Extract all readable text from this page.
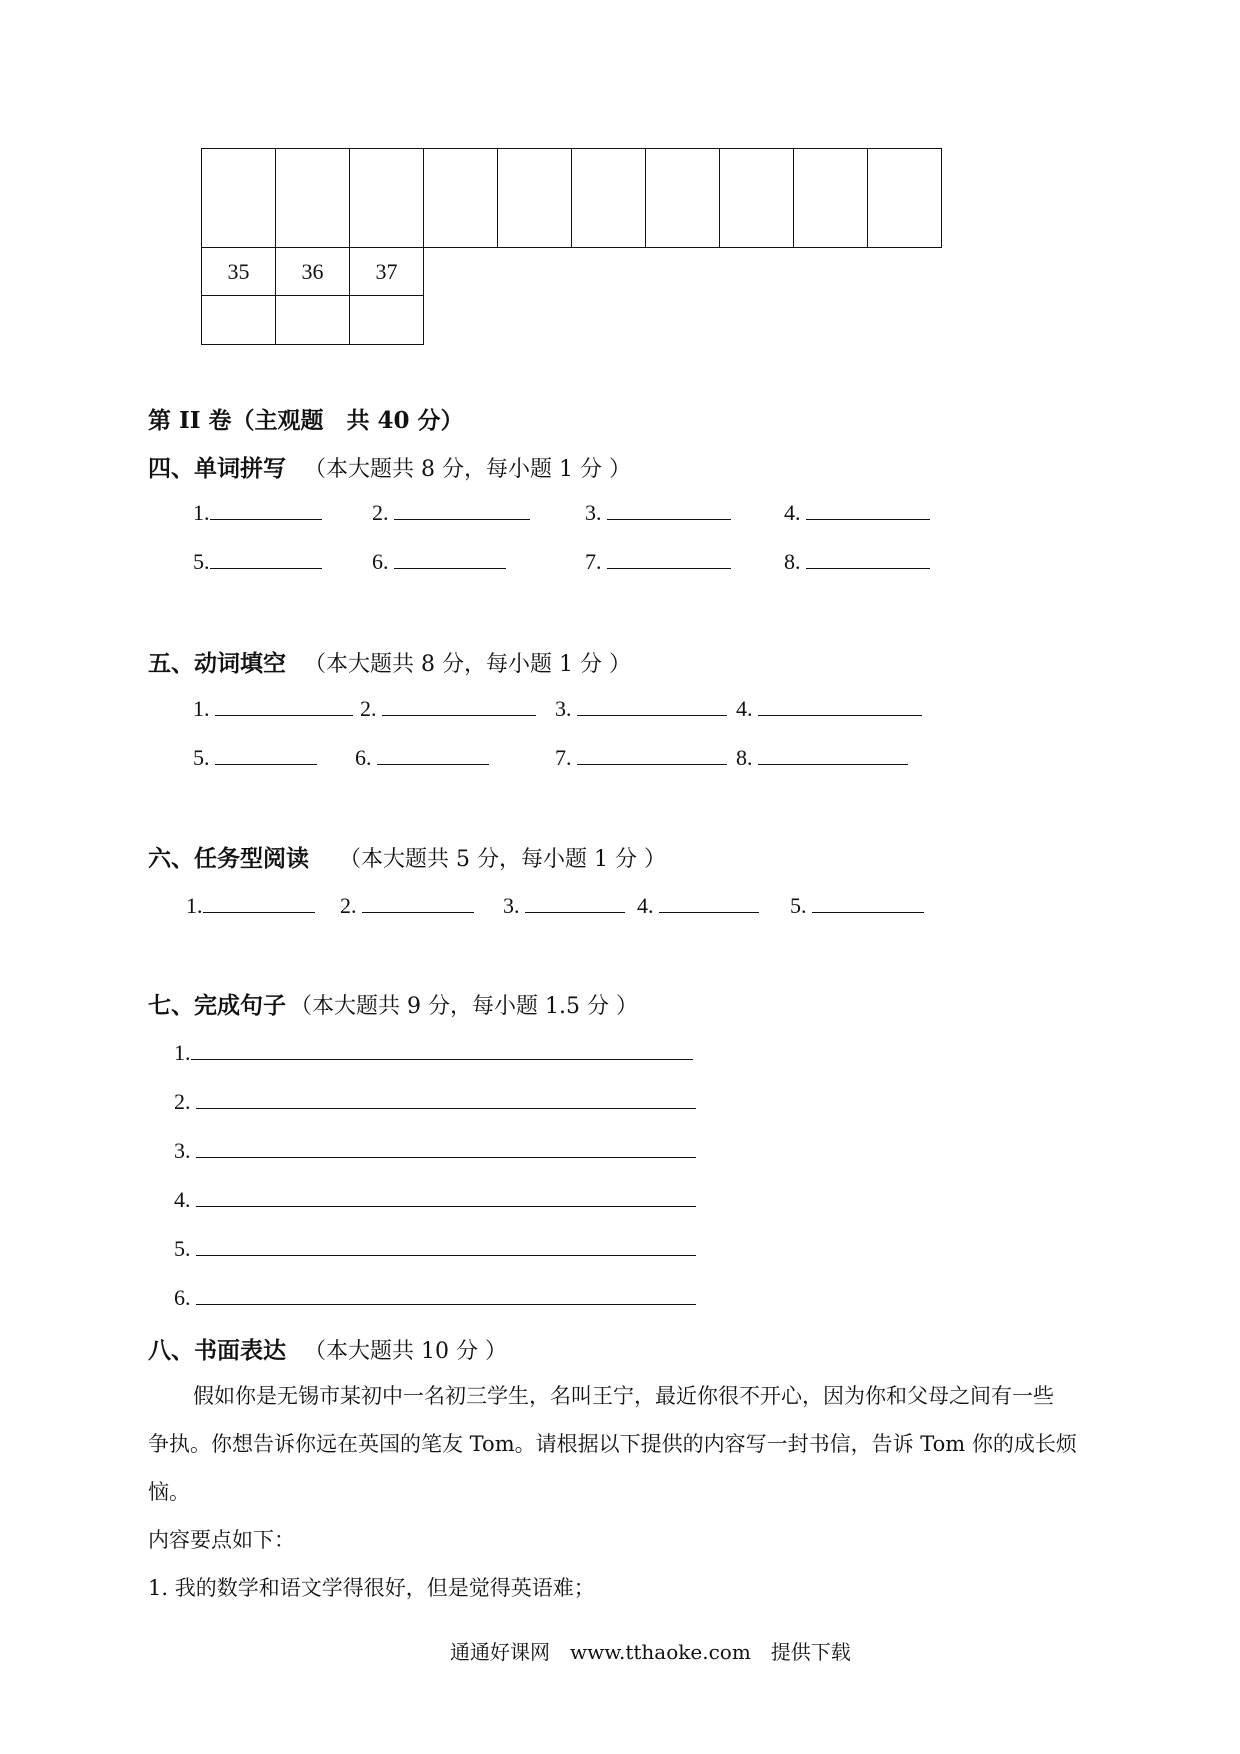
35	36	37

第 II 卷（主观题　共 40 分）
四、单词拼写 （本大题共 8 分，每小题 1 分 ）
1.	2.	3.	4.
5.	6.	7.	8.
五、动词填空 （本大题共 8 分，每小题 1 分 ）
1.	2.	3.	4.
5.	6.	7.	8.
六、任务型阅读 （本大题共 5 分，每小题 1 分 ）
1.	2.	3.	4.	5.
七、完成句子 （本大题共 9 分，每小题 1.5 分 ）
1.
2.
3.
4.
5.
6.
八、书面表达 （本大题共 10 分 ）
假如你是无锡市某初中一名初三学生，名叫王宁，最近你很不开心，因为你和父母之间有一些
争执。你想告诉你远在英国的笔友 Tom。请根据以下提供的内容写一封书信，告诉 Tom 你的成长烦
恼。
内容要点如下：
1. 我的数学和语文学得很好，但是觉得英语难；
通通好课网　www.tthaoke.com　提供下载
